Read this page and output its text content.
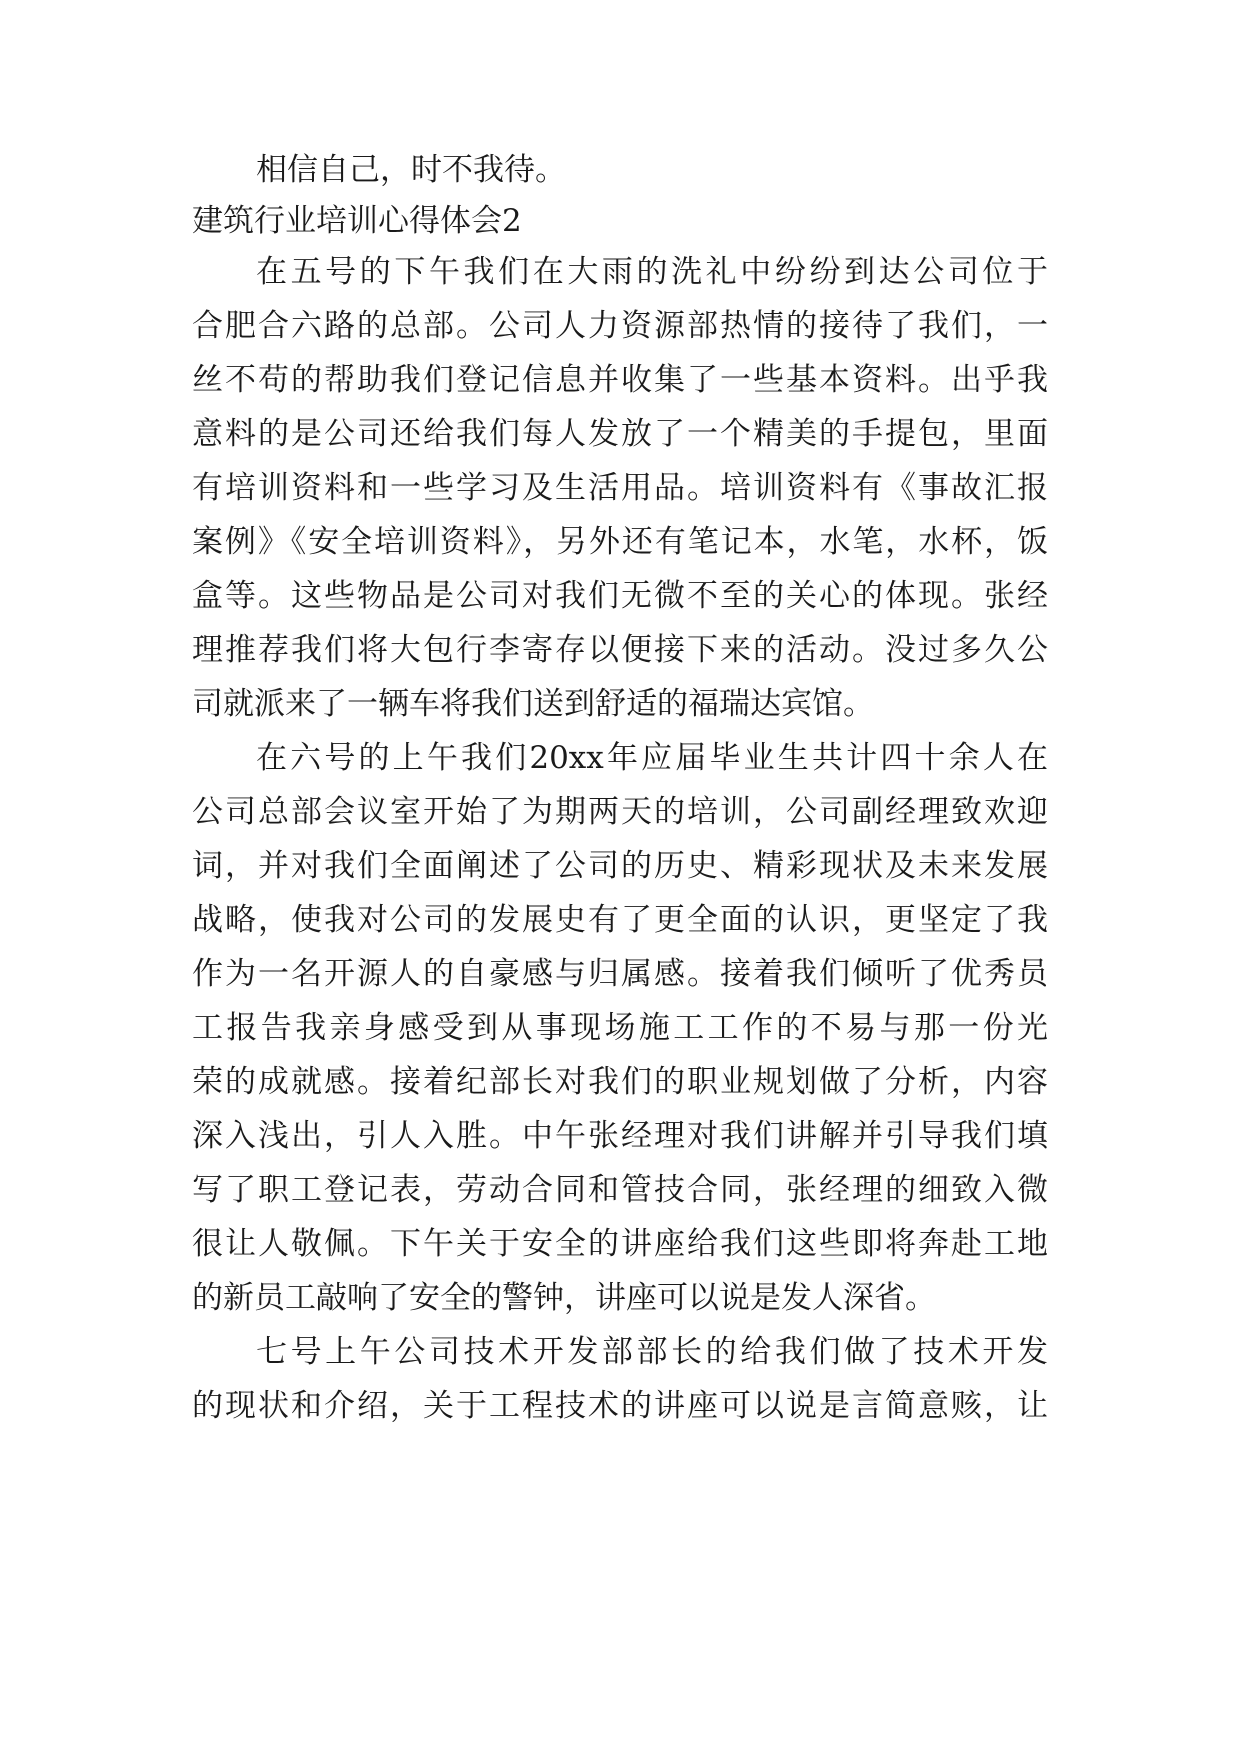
相信自己，时不我待。
建筑行业培训心得体会2
在五号的下午我们在大雨的洗礼中纷纷到达公司位于
合肥合六路的总部。公司人力资源部热情的接待了我们，一
丝不苟的帮助我们登记信息并收集了一些基本资料。出乎我
意料的是公司还给我们每人发放了一个精美的手提包，里面
有培训资料和一些学习及生活用品。培训资料有《事故汇报
案例》《安全培训资料》，另外还有笔记本，水笔，水杯，饭
盒等。这些物品是公司对我们无微不至的关心的体现。张经
理推荐我们将大包行李寄存以便接下来的活动。没过多久公
司就派来了一辆车将我们送到舒适的福瑞达宾馆。
在六号的上午我们20xx年应届毕业生共计四十余人在
公司总部会议室开始了为期两天的培训，公司副经理致欢迎
词，并对我们全面阐述了公司的历史、精彩现状及未来发展
战略，使我对公司的发展史有了更全面的认识，更坚定了我
作为一名开源人的自豪感与归属感。接着我们倾听了优秀员
工报告我亲身感受到从事现场施工工作的不易与那一份光
荣的成就感。接着纪部长对我们的职业规划做了分析，内容
深入浅出，引人入胜。中午张经理对我们讲解并引导我们填
写了职工登记表，劳动合同和管技合同，张经理的细致入微
很让人敬佩。下午关于安全的讲座给我们这些即将奔赴工地
的新员工敲响了安全的警钟，讲座可以说是发人深省。
七号上午公司技术开发部部长的给我们做了技术开发
的现状和介绍，关于工程技术的讲座可以说是言简意赅，让
